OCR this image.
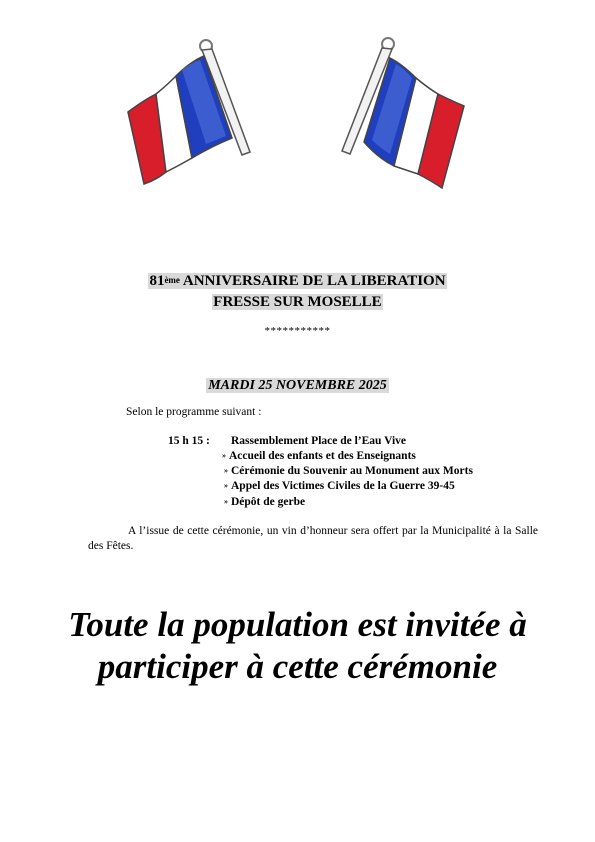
81ème ANNIVERSAIRE DE LA LIBERATION
FRESSE SUR MOSELLE
***********
MARDI 25 NOVEMBRE 2025
Selon le programme suivant :
15 h 15 : Rassemblement Place de l’Eau Vive
» Accueil des enfants et des Enseignants
» Cérémonie du Souvenir au Monument aux Morts
» Appel des Victimes Civiles de la Guerre 39-45
» Dépôt de gerbe
A l’issue de cette cérémonie, un vin d’honneur sera offert par la Municipalité à la Salle des Fêtes.
Toute la population est invitée à
participer à cette cérémonie
